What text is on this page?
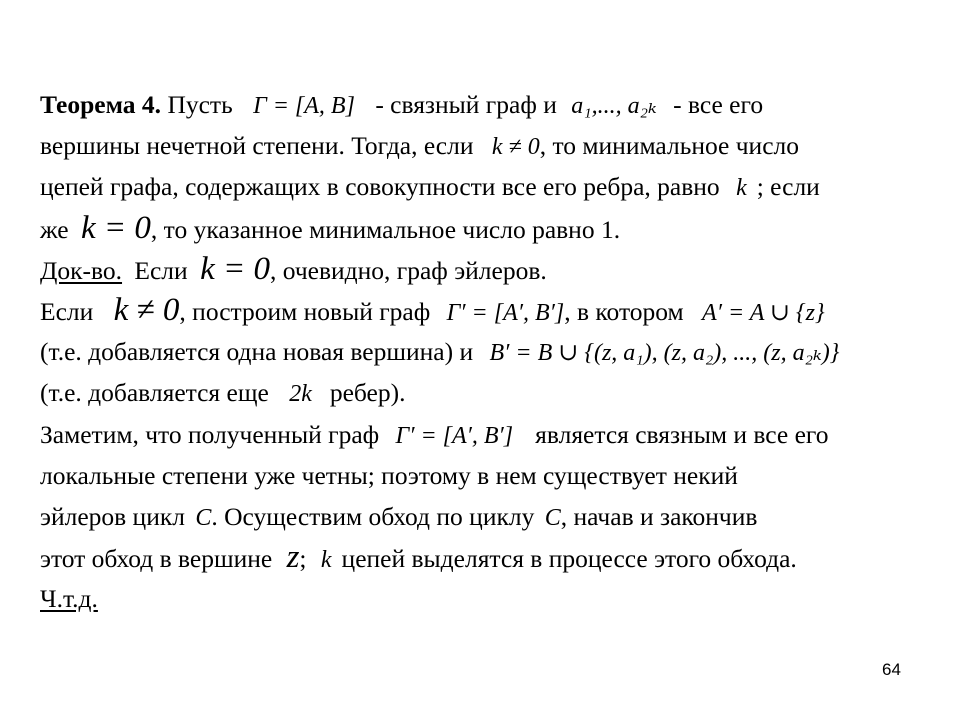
Теорема 4. Пусть Γ = [A, B] - связный граф и a₁,..., a₂ₖ - все его
вершины нечетной степени. Тогда, если k ≠ 0, то минимальное число
цепей графа, содержащих в совокупности все его ребра, равно k ; если
же k = 0, то указанное минимальное число равно 1.
Док-во. Если k = 0, очевидно, граф эйлеров.
Если k ≠ 0, построим новый граф Γ′ = [A′, B′], в котором A′ = A ∪ {z}
(т.е. добавляется одна новая вершина) и B′ = B ∪ {(z, a₁), (z, a₂), ..., (z, a₂ₖ)}
(т.е. добавляется еще 2k ребер).
Заметим, что полученный граф Γ′ = [A′, B′] является связным и все его
локальные степени уже четны; поэтому в нем существует некий
эйлеров цикл C. Осуществим обход по циклу C, начав и закончив
этот обход в вершине z; k цепей выделятся в процессе этого обхода.
Ч.т.д.
64
